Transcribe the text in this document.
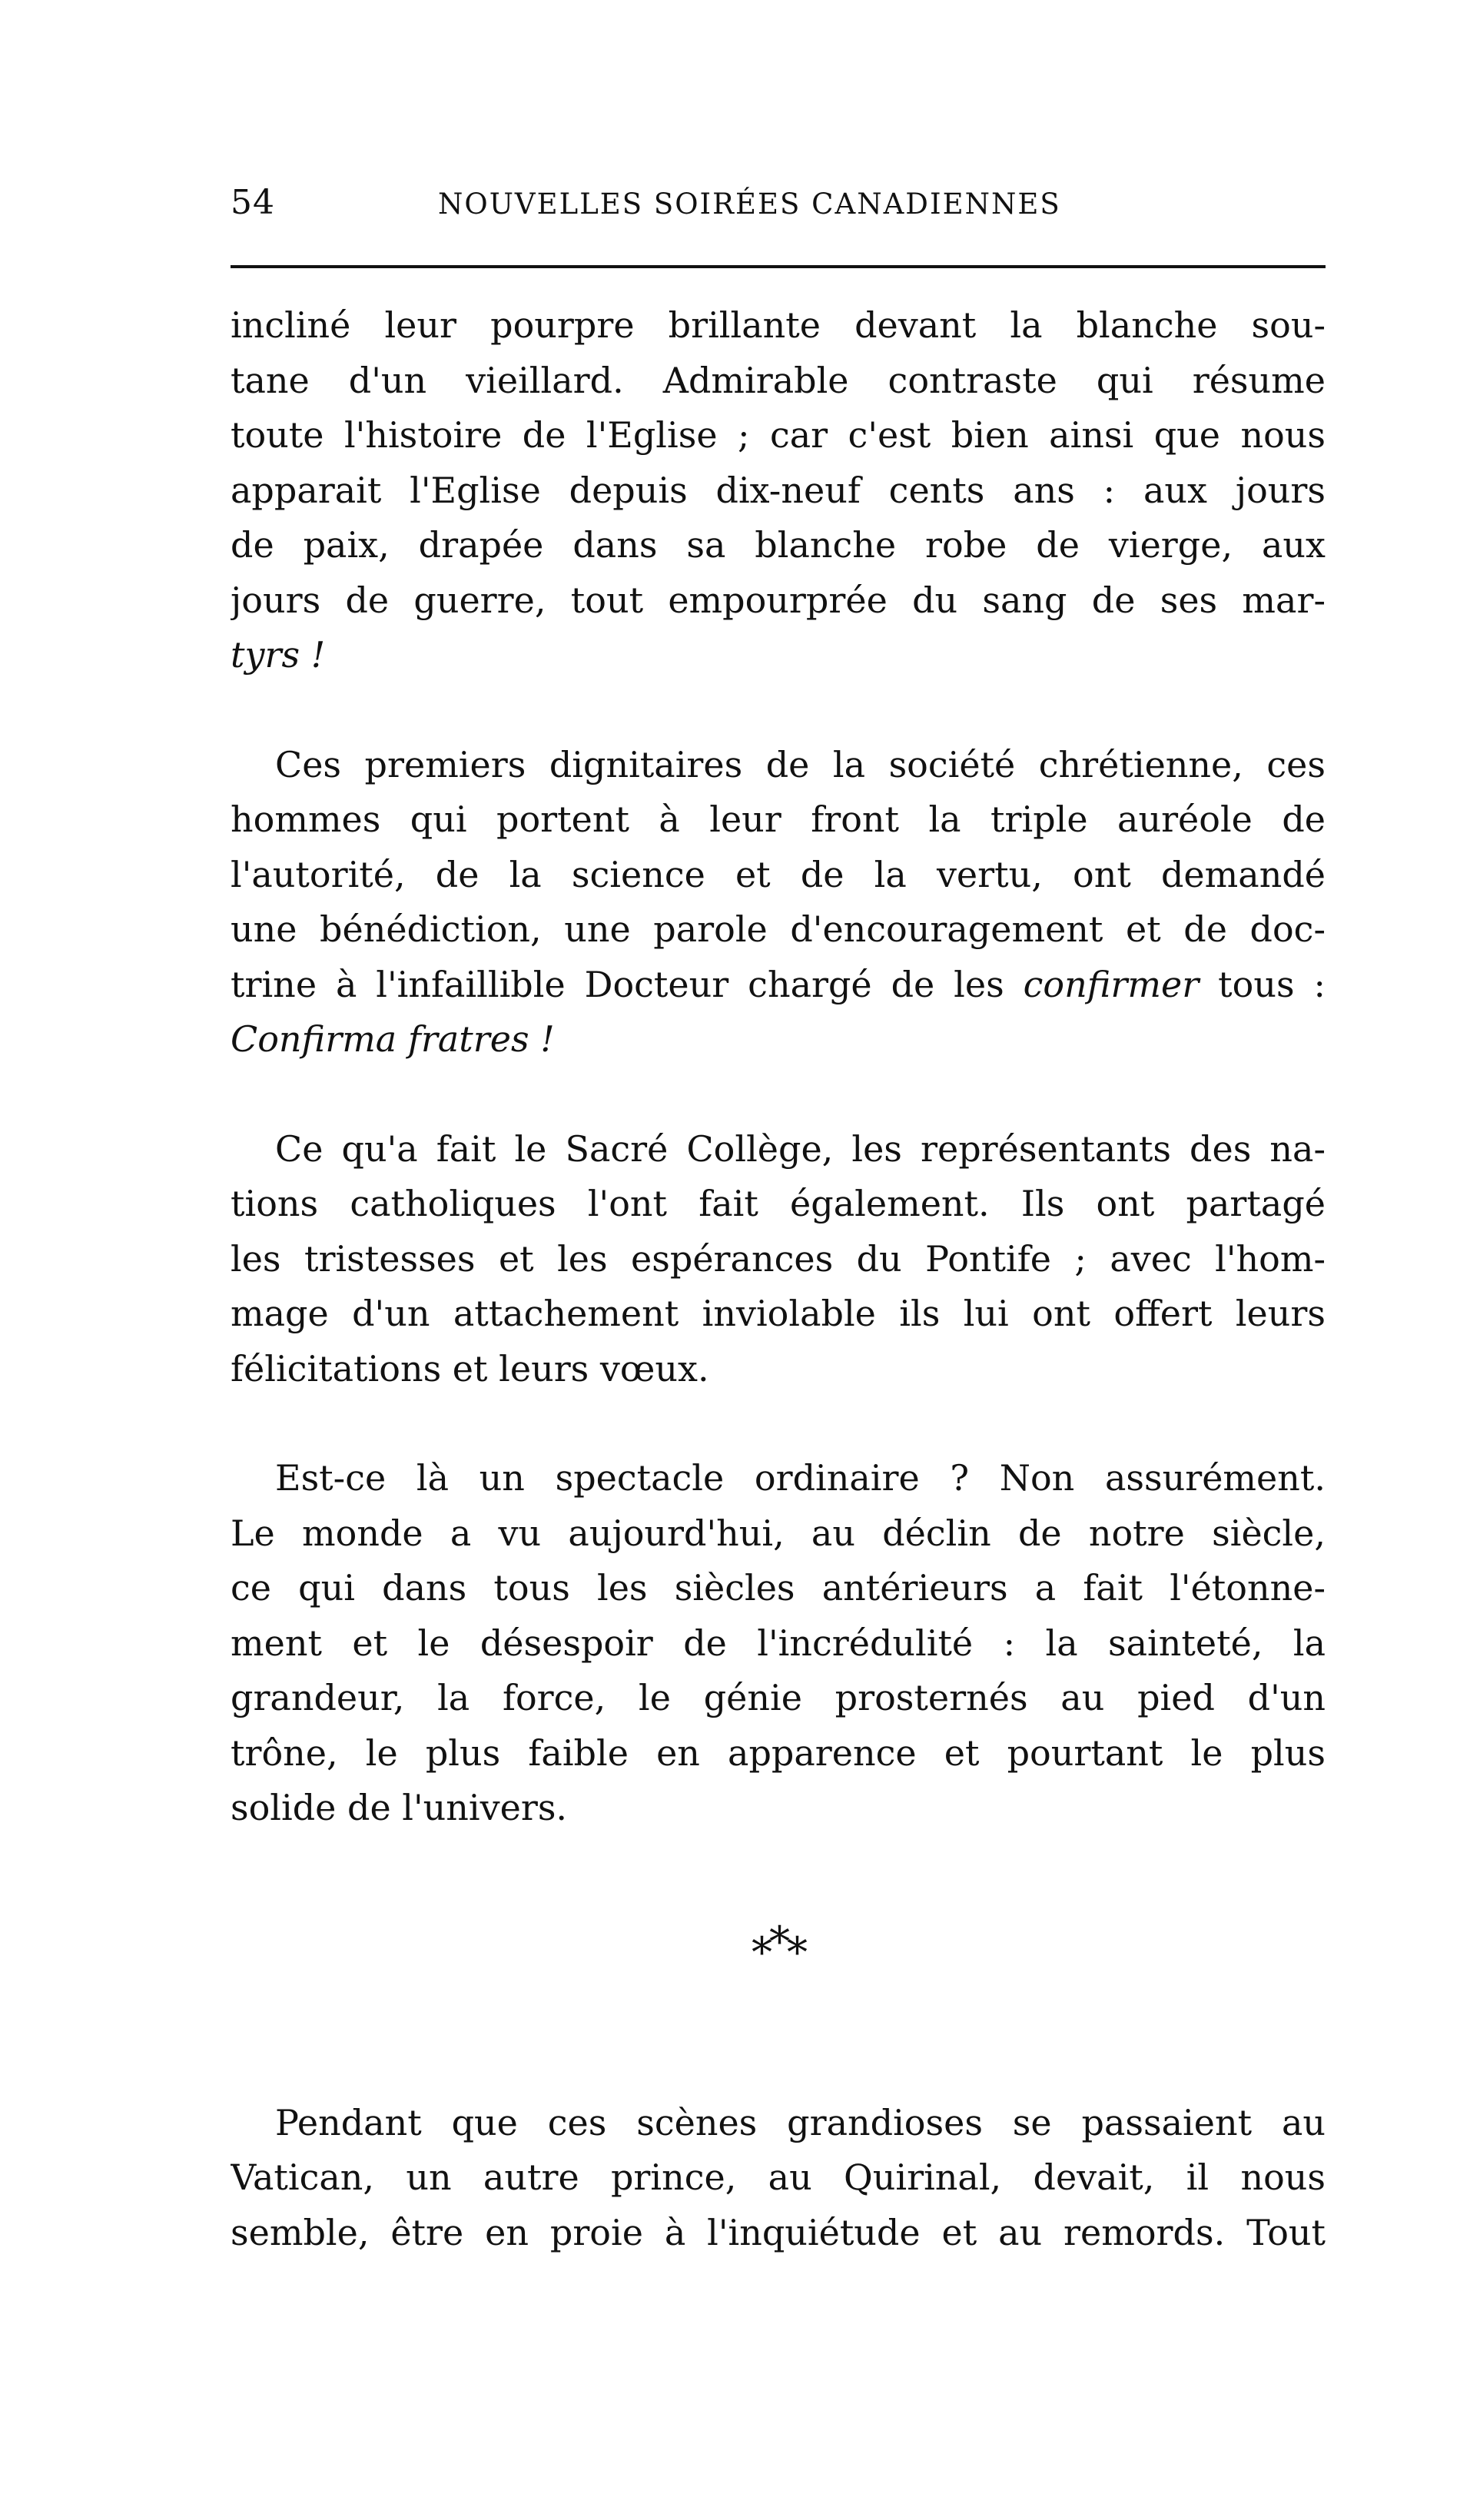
54	NOUVELLES SOIRÉES CANADIENNES

incliné leur pourpre brillante devant la blanche sou-
tane d'un vieillard. Admirable contraste qui résume
toute l'histoire de l'Eglise ; car c'est bien ainsi que nous
apparait l'Eglise depuis dix-neuf cents ans : aux jours
de paix, drapée dans sa blanche robe de vierge, aux
jours de guerre, tout empourprée du sang de ses mar-
tyrs !

Ces premiers dignitaires de la société chrétienne, ces
hommes qui portent à leur front la triple auréole de
l'autorité, de la science et de la vertu, ont demandé
une bénédiction, une parole d'encouragement et de doc-
trine à l'infaillible Docteur chargé de les confirmer tous :
Confirma fratres !

Ce qu'a fait le Sacré Collège, les représentants des na-
tions catholiques l'ont fait également. Ils ont partagé
les tristesses et les espérances du Pontife ; avec l'hom-
mage d'un attachement inviolable ils lui ont offert leurs
félicitations et leurs vœux.

Est-ce là un spectacle ordinaire ? Non assurément.
Le monde a vu aujourd'hui, au déclin de notre siècle,
ce qui dans tous les siècles antérieurs a fait l'étonne-
ment et le désespoir de l'incrédulité : la sainteté, la
grandeur, la force, le génie prosternés au pied d'un
trône, le plus faible en apparence et pourtant le plus
solide de l'univers.

***

Pendant que ces scènes grandioses se passaient au
Vatican, un autre prince, au Quirinal, devait, il nous
semble, être en proie à l'inquiétude et au remords. Tout
